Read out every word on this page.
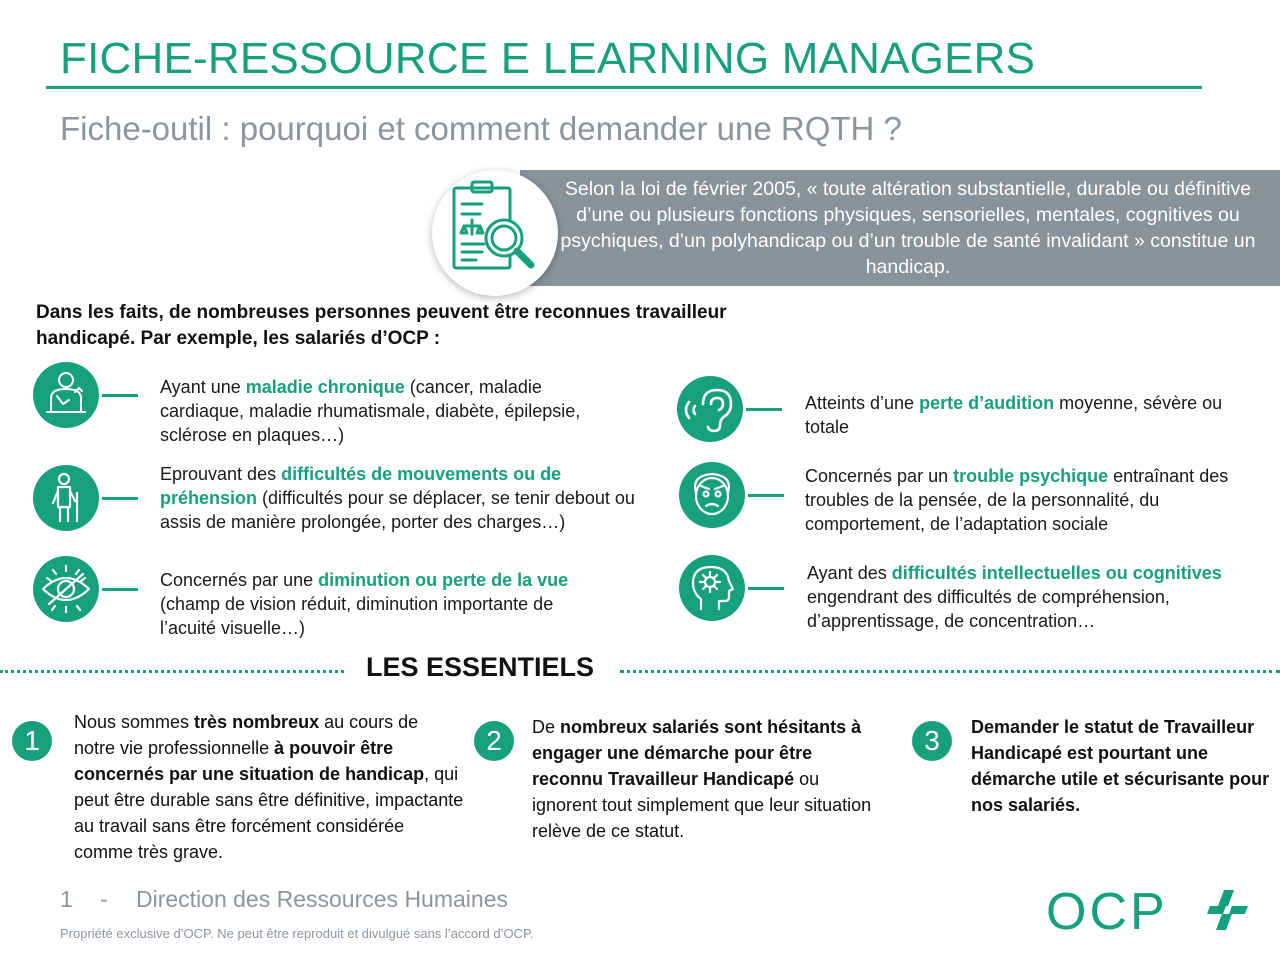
FICHE-RESSOURCE E LEARNING MANAGERS
Fiche-outil : pourquoi et comment demander une RQTH ?
Selon la loi de février 2005, « toute altération substantielle, durable ou définitive d’une ou plusieurs fonctions physiques, sensorielles, mentales, cognitives ou psychiques, d’un polyhandicap ou d’un trouble de santé invalidant » constitue un handicap.
Dans les faits, de nombreuses personnes peuvent être reconnues travailleur handicapé. Par exemple, les salariés d’OCP :
Ayant une maladie chronique (cancer, maladie cardiaque, maladie rhumatismale, diabète, épilepsie, sclérose en plaques…)
Eprouvant des difficultés de mouvements ou de préhension (difficultés pour se déplacer, se tenir debout ou assis de manière prolongée, porter des charges…)
Concernés par une diminution ou perte de la vue (champ de vision réduit, diminution importante de l’acuité visuelle…)
Atteints d’une perte d’audition moyenne, sévère ou totale
Concernés par un trouble psychique entraînant des troubles de la pensée, de la personnalité, du comportement, de l’adaptation sociale
Ayant des difficultés intellectuelles ou cognitives engendrant des difficultés de compréhension, d’apprentissage, de concentration…
LES ESSENTIELS
1
Nous sommes très nombreux au cours de notre vie professionnelle à pouvoir être concernés par une situation de handicap, qui peut être durable sans être définitive, impactante au travail sans être forcément considérée comme très grave.
2	De nombreux salariés sont hésitants à engager une démarche pour être reconnu Travailleur Handicapé ou ignorent tout simplement que leur situation relève de ce statut.
3	Demander le statut de Travailleur Handicapé est pourtant une démarche utile et sécurisante pour nos salariés.
1 - Direction des Ressources Humaines
Propriété exclusive d’OCP. Ne peut être reproduit et divulgué sans l’accord d’OCP.	OCP
